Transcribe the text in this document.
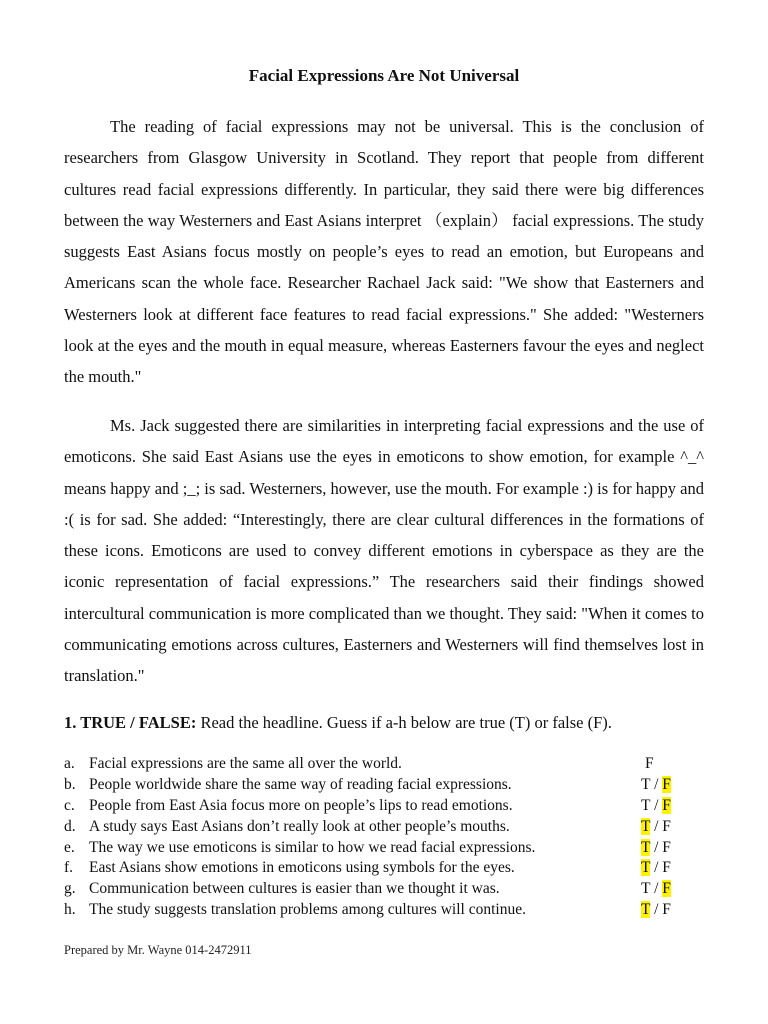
Facial Expressions Are Not Universal

The reading of facial expressions may not be universal. This is the conclusion of researchers from Glasgow University in Scotland. They report that people from different cultures read facial expressions differently. In particular, they said there were big differences between the way Westerners and East Asians interpret （explain） facial expressions. The study suggests East Asians focus mostly on people’s eyes to read an emotion, but Europeans and Americans scan the whole face. Researcher Rachael Jack said: "We show that Easterners and Westerners look at different face features to read facial expressions." She added: "Westerners look at the eyes and the mouth in equal measure, whereas Easterners favour the eyes and neglect the mouth."

Ms. Jack suggested there are similarities in interpreting facial expressions and the use of emoticons. She said East Asians use the eyes in emoticons to show emotion, for example ^_^ means happy and ;_; is sad. Westerners, however, use the mouth. For example :) is for happy and :( is for sad. She added: “Interestingly, there are clear cultural differences in the formations of these icons. Emoticons are used to convey different emotions in cyberspace as they are the iconic representation of facial expressions.” The researchers said their findings showed intercultural communication is more complicated than we thought. They said: "When it comes to communicating emotions across cultures, Easterners and Westerners will find themselves lost in translation."

1. TRUE / FALSE: Read the headline. Guess if a-h below are true (T) or false (F).
a. Facial expressions are the same all over the world.	F
b. People worldwide share the same way of reading facial expressions.	T / F
c. People from East Asia focus more on people’s lips to read emotions.	T / F
d. A study says East Asians don’t really look at other people’s mouths.	T / F
e. The way we use emoticons is similar to how we read facial expressions.	T / F
f. East Asians show emotions in emoticons using symbols for the eyes.	T / F
g. Communication between cultures is easier than we thought it was.	T / F
h. The study suggests translation problems among cultures will continue.	T / F
Prepared by Mr. Wayne 014-2472911
